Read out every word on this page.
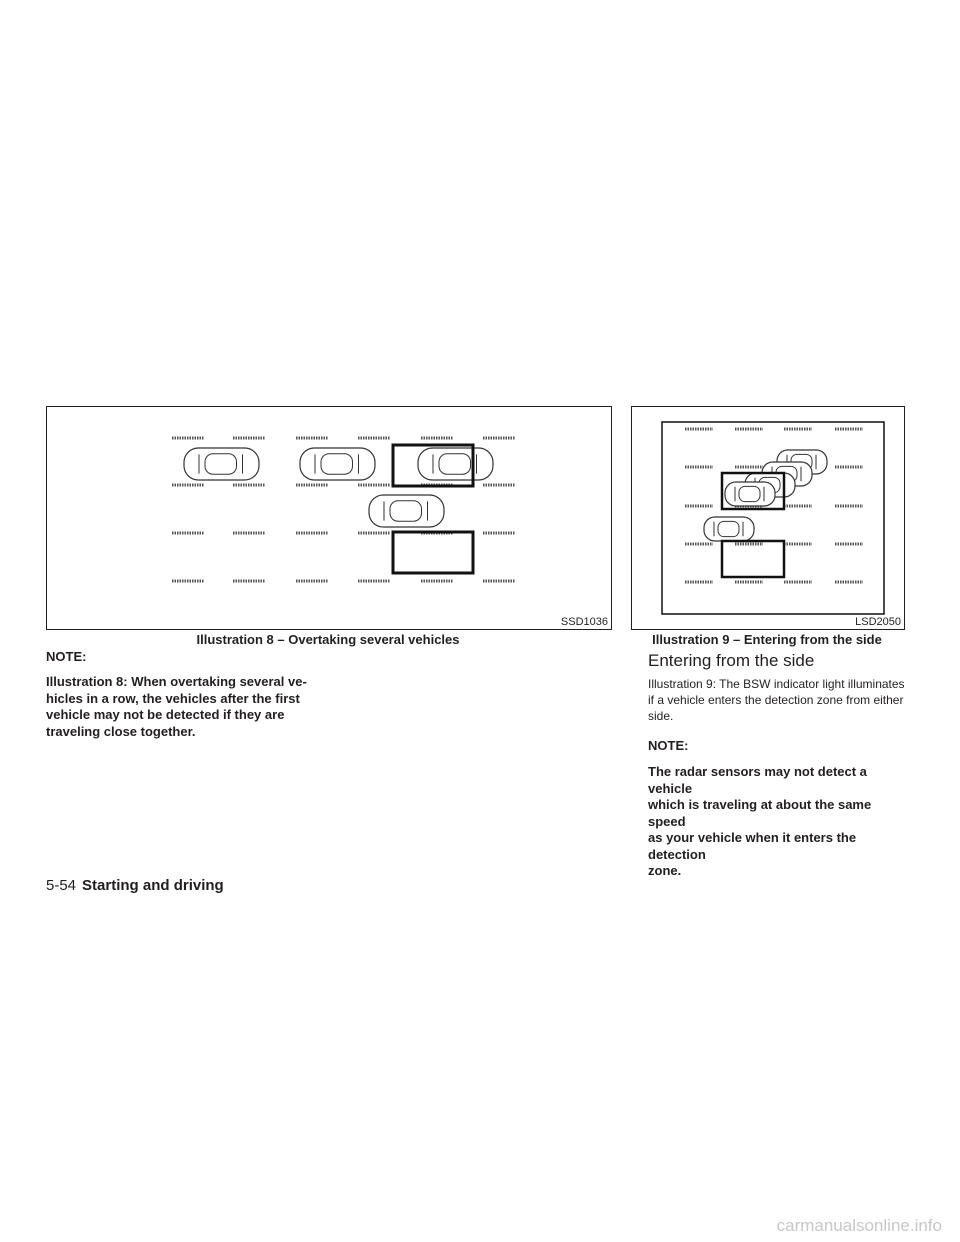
SSD1036
Illustration 8 – Overtaking several vehicles
LSD2050
Illustration 9 – Entering from the side
NOTE:
Illustration 8: When overtaking several ve-
hicles in a row, the vehicles after the first
vehicle may not be detected if they are
traveling close together.
Entering from the side
Illustration 9: The BSW indicator light illuminates
if a vehicle enters the detection zone from either
side.
NOTE:
The radar sensors may not detect a vehicle
which is traveling at about the same speed
as your vehicle when it enters the detection
zone.
5-54 Starting and driving
carmanualsonline.info
